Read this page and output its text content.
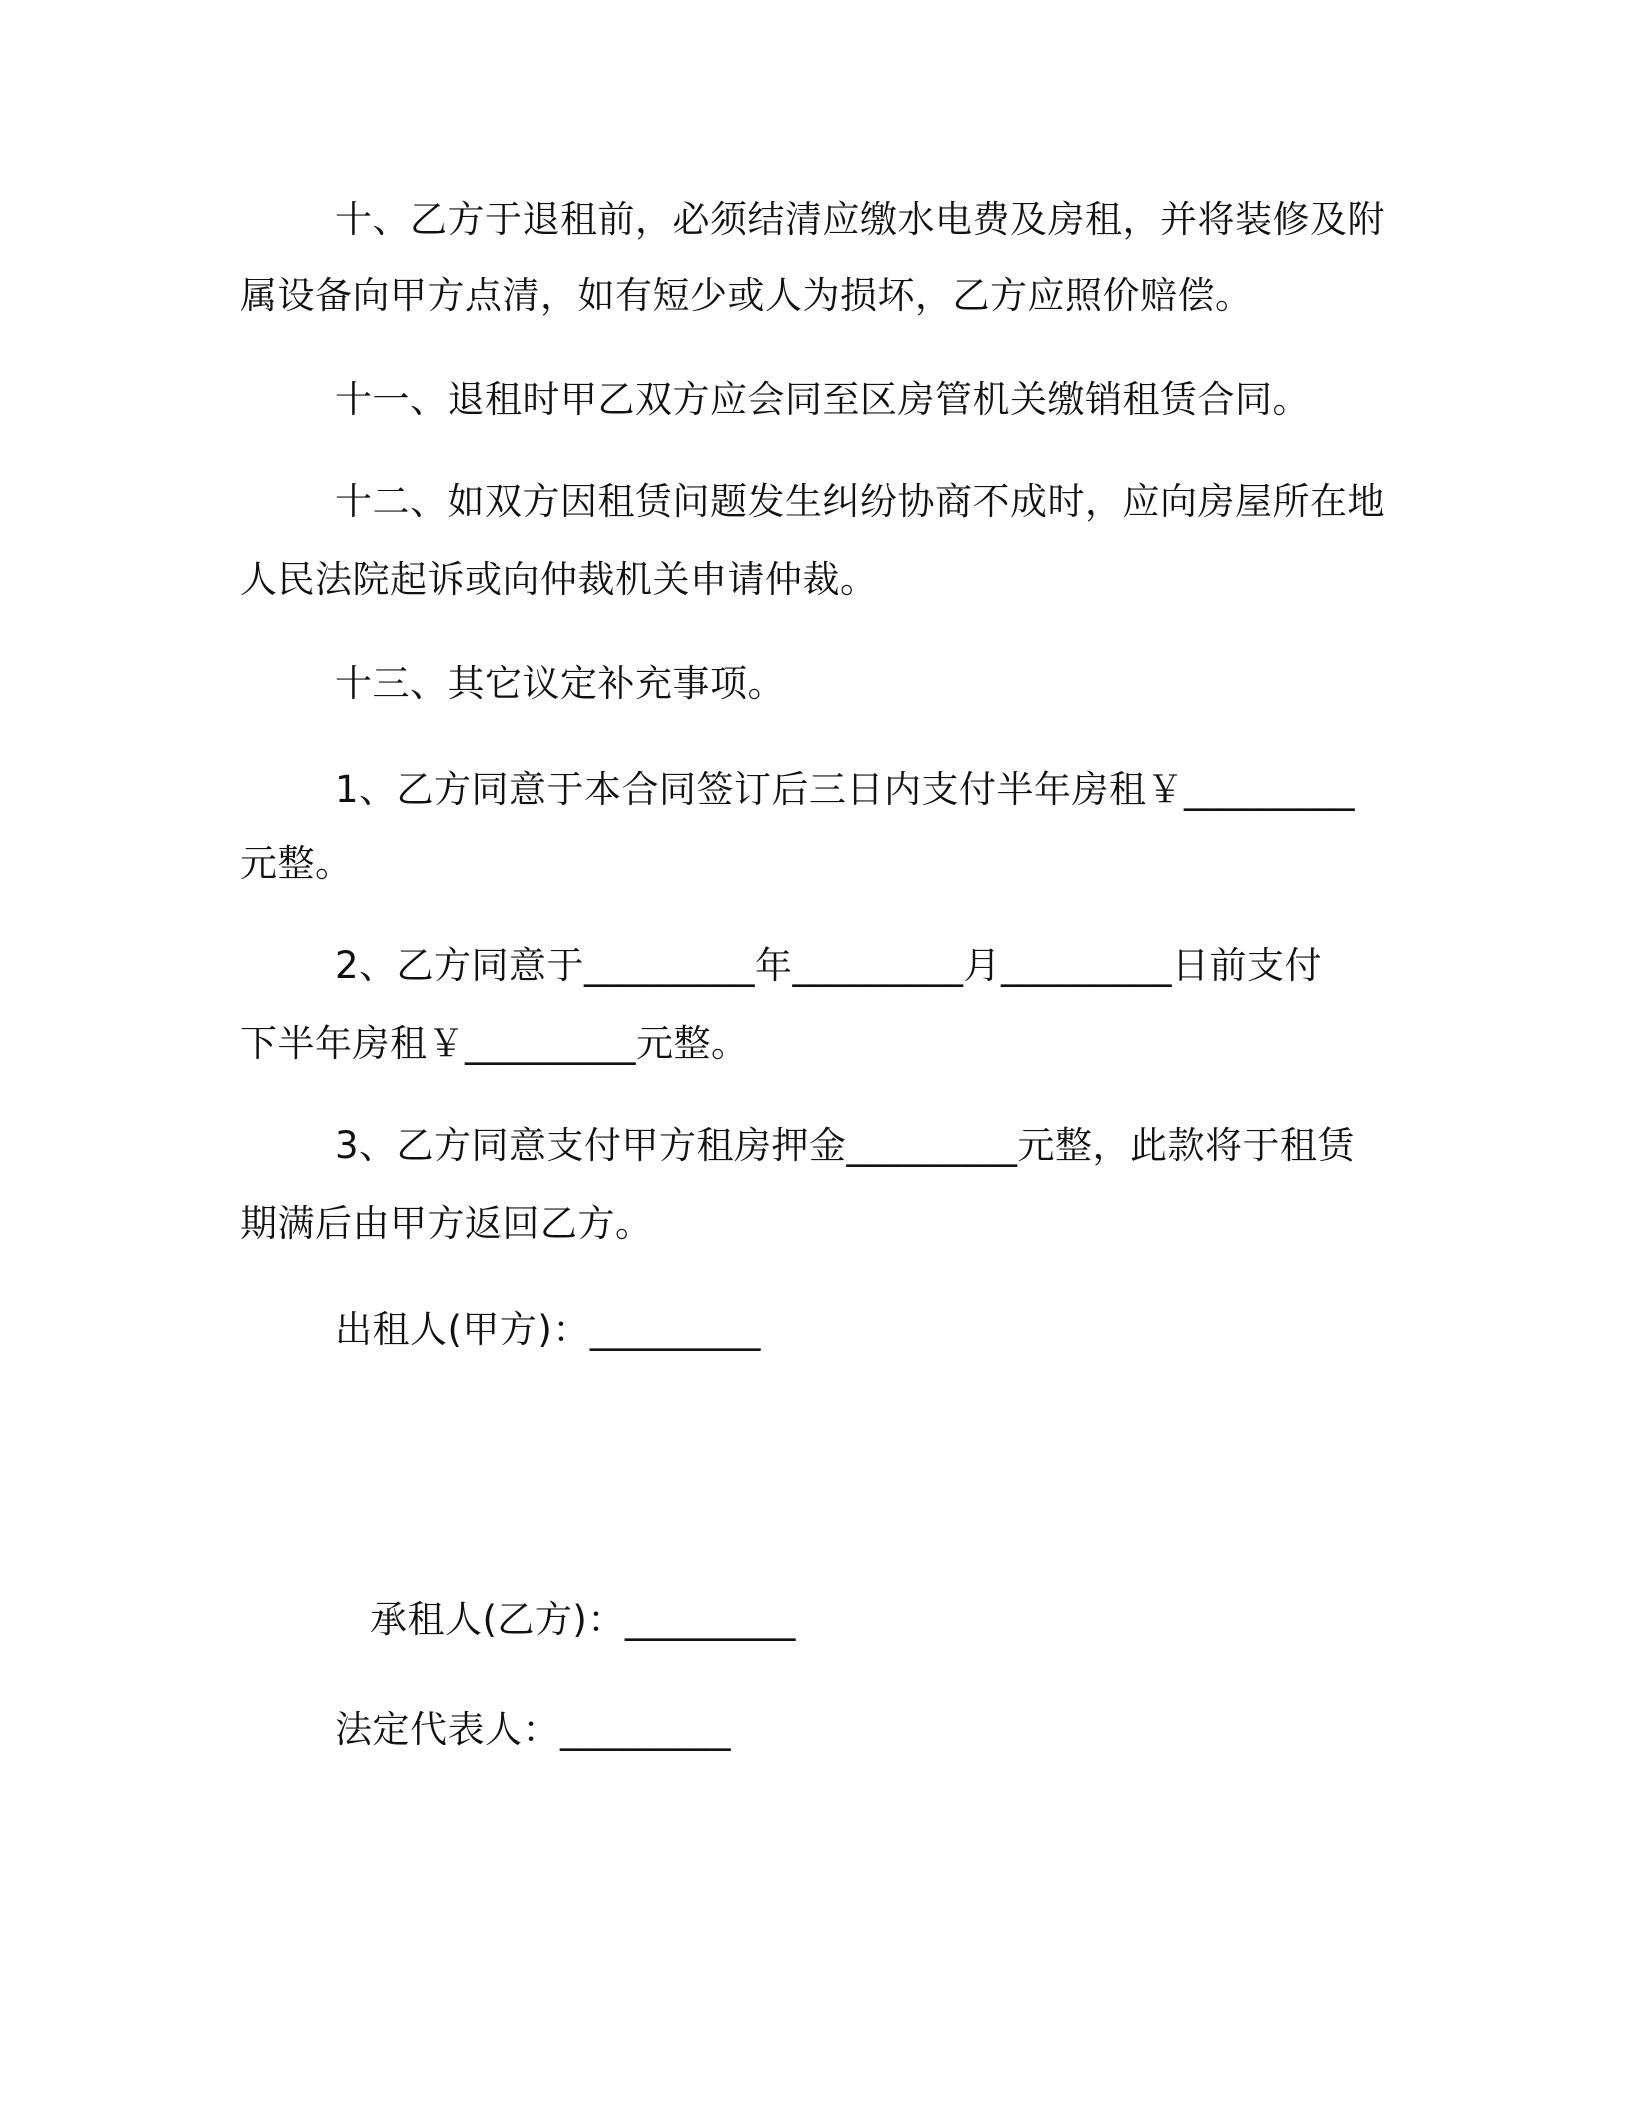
十、乙方于退租前，必须结清应缴水电费及房租，并将装修及附
属设备向甲方点清，如有短少或人为损坏，乙方应照价赔偿。
十一、退租时甲乙双方应会同至区房管机关缴销租赁合同。
十二、如双方因租赁问题发生纠纷协商不成时，应向房屋所在地
人民法院起诉或向仲裁机关申请仲裁。
十三、其它议定补充事项。
1、乙方同意于本合同签订后三日内支付半年房租￥_________
元整。
2、乙方同意于_________年_________月_________日前支付
下半年房租￥_________元整。
3、乙方同意支付甲方租房押金_________元整，此款将于租赁
期满后由甲方返回乙方。
出租人(甲方)：_________
承租人(乙方)：_________
法定代表人：_________
